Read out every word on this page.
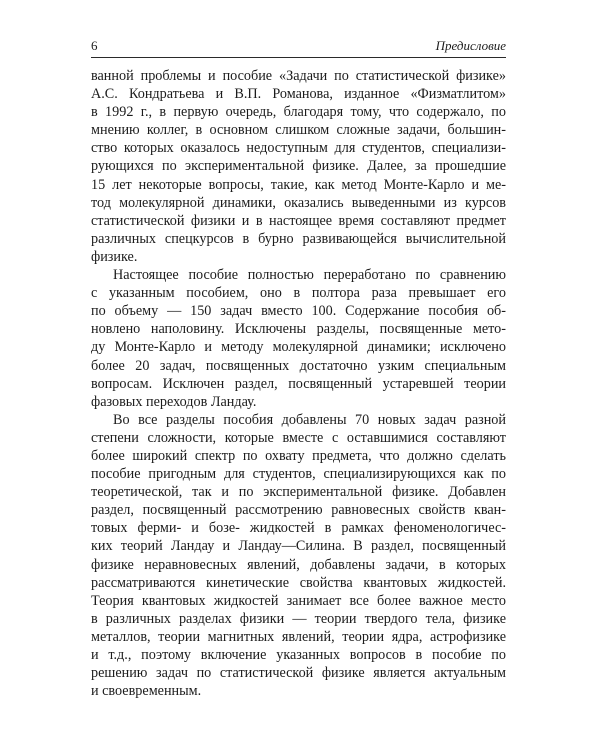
6	Предисловие
ванной проблемы и пособие «Задачи по статистической физике»
А.С. Кондратьева и В.П. Романова, изданное «Физматлитом»
в 1992 г., в первую очередь, благодаря тому, что содержало, по
мнению коллег, в основном слишком сложные задачи, большин-
ство которых оказалось недоступным для студентов, специализи-
рующихся по экспериментальной физике. Далее, за прошедшие
15 лет некоторые вопросы, такие, как метод Монте-Карло и ме-
тод молекулярной динамики, оказались выведенными из курсов
статистической физики и в настоящее время составляют предмет
различных спецкурсов в бурно развивающейся вычислительной
физике.
Настоящее пособие полностью переработано по сравнению
с указанным пособием, оно в полтора раза превышает его
по объему — 150 задач вместо 100. Содержание пособия об-
новлено наполовину. Исключены разделы, посвященные мето-
ду Монте-Карло и методу молекулярной динамики; исключено
более 20 задач, посвященных достаточно узким специальным
вопросам. Исключен раздел, посвященный устаревшей теории
фазовых переходов Ландау.
Во все разделы пособия добавлены 70 новых задач разной
степени сложности, которые вместе с оставшимися составляют
более широкий спектр по охвату предмета, что должно сделать
пособие пригодным для студентов, специализирующихся как по
теоретической, так и по экспериментальной физике. Добавлен
раздел, посвященный рассмотрению равновесных свойств кван-
товых ферми- и бозе- жидкостей в рамках феноменологичес-
ких теорий Ландау и Ландау—Силина. В раздел, посвященный
физике неравновесных явлений, добавлены задачи, в которых
рассматриваются кинетические свойства квантовых жидкостей.
Теория квантовых жидкостей занимает все более важное место
в различных разделах физики — теории твердого тела, физике
металлов, теории магнитных явлений, теории ядра, астрофизике
и т.д., поэтому включение указанных вопросов в пособие по
решению задач по статистической физике является актуальным
и своевременным.
